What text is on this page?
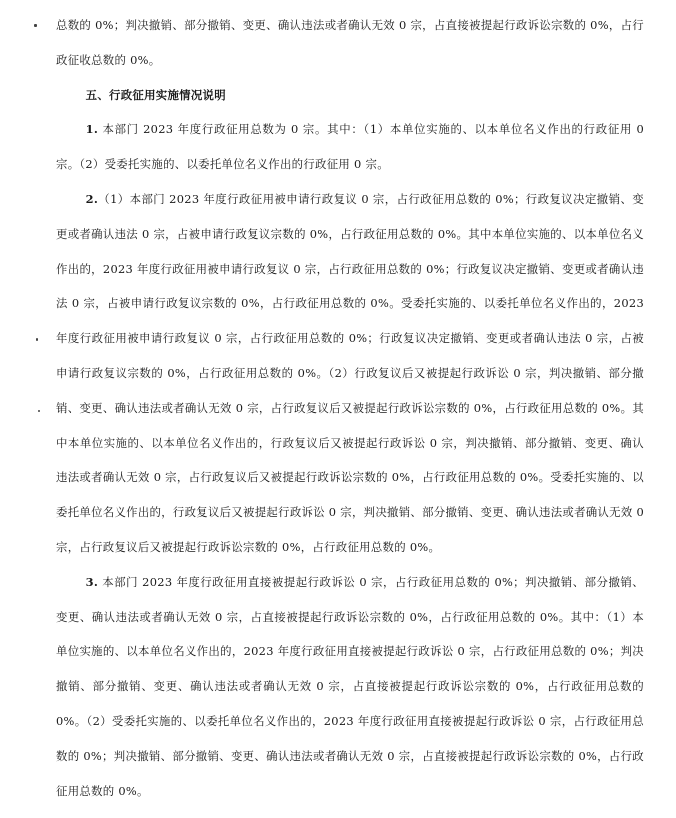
总数的 0%；判决撤销、部分撤销、变更、确认违法或者确认无效 0 宗，占直接被提起行政诉讼宗数的 0%，占行政征收总数的 0%。

五、行政征用实施情况说明

1. 本部门 2023 年度行政征用总数为 0 宗。其中：（1）本单位实施的、以本单位名义作出的行政征用 0 宗。（2）受委托实施的、以委托单位名义作出的行政征用 0 宗。

2.（1）本部门 2023 年度行政征用被申请行政复议 0 宗，占行政征用总数的 0%；行政复议决定撤销、变更或者确认违法 0 宗，占被申请行政复议宗数的 0%，占行政征用总数的 0%。其中本单位实施的、以本单位名义作出的，2023 年度行政征用被申请行政复议 0 宗，占行政征用总数的 0%；行政复议决定撤销、变更或者确认违法 0 宗，占被申请行政复议宗数的 0%，占行政征用总数的 0%。受委托实施的、以委托单位名义作出的，2023 年度行政征用被申请行政复议 0 宗，占行政征用总数的 0%；行政复议决定撤销、变更或者确认违法 0 宗，占被申请行政复议宗数的 0%，占行政征用总数的 0%。（2）行政复议后又被提起行政诉讼 0 宗，判决撤销、部分撤销、变更、确认违法或者确认无效 0 宗，占行政复议后又被提起行政诉讼宗数的 0%，占行政征用总数的 0%。其中本单位实施的、以本单位名义作出的，行政复议后又被提起行政诉讼 0 宗，判决撤销、部分撤销、变更、确认违法或者确认无效 0 宗，占行政复议后又被提起行政诉讼宗数的 0%，占行政征用总数的 0%。受委托实施的、以委托单位名义作出的，行政复议后又被提起行政诉讼 0 宗，判决撤销、部分撤销、变更、确认违法或者确认无效 0 宗，占行政复议后又被提起行政诉讼宗数的 0%，占行政征用总数的 0%。

3. 本部门 2023 年度行政征用直接被提起行政诉讼 0 宗，占行政征用总数的 0%；判决撤销、部分撤销、变更、确认违法或者确认无效 0 宗，占直接被提起行政诉讼宗数的 0%，占行政征用总数的 0%。其中：（1）本单位实施的、以本单位名义作出的，2023 年度行政征用直接被提起行政诉讼 0 宗，占行政征用总数的 0%；判决撤销、部分撤销、变更、确认违法或者确认无效 0 宗，占直接被提起行政诉讼宗数的 0%，占行政征用总数的 0%。（2）受委托实施的、以委托单位名义作出的，2023 年度行政征用直接被提起行政诉讼 0 宗，占行政征用总数的 0%；判决撤销、部分撤销、变更、确认违法或者确认无效 0 宗，占直接被提起行政诉讼宗数的 0%，占行政征用总数的 0%。
